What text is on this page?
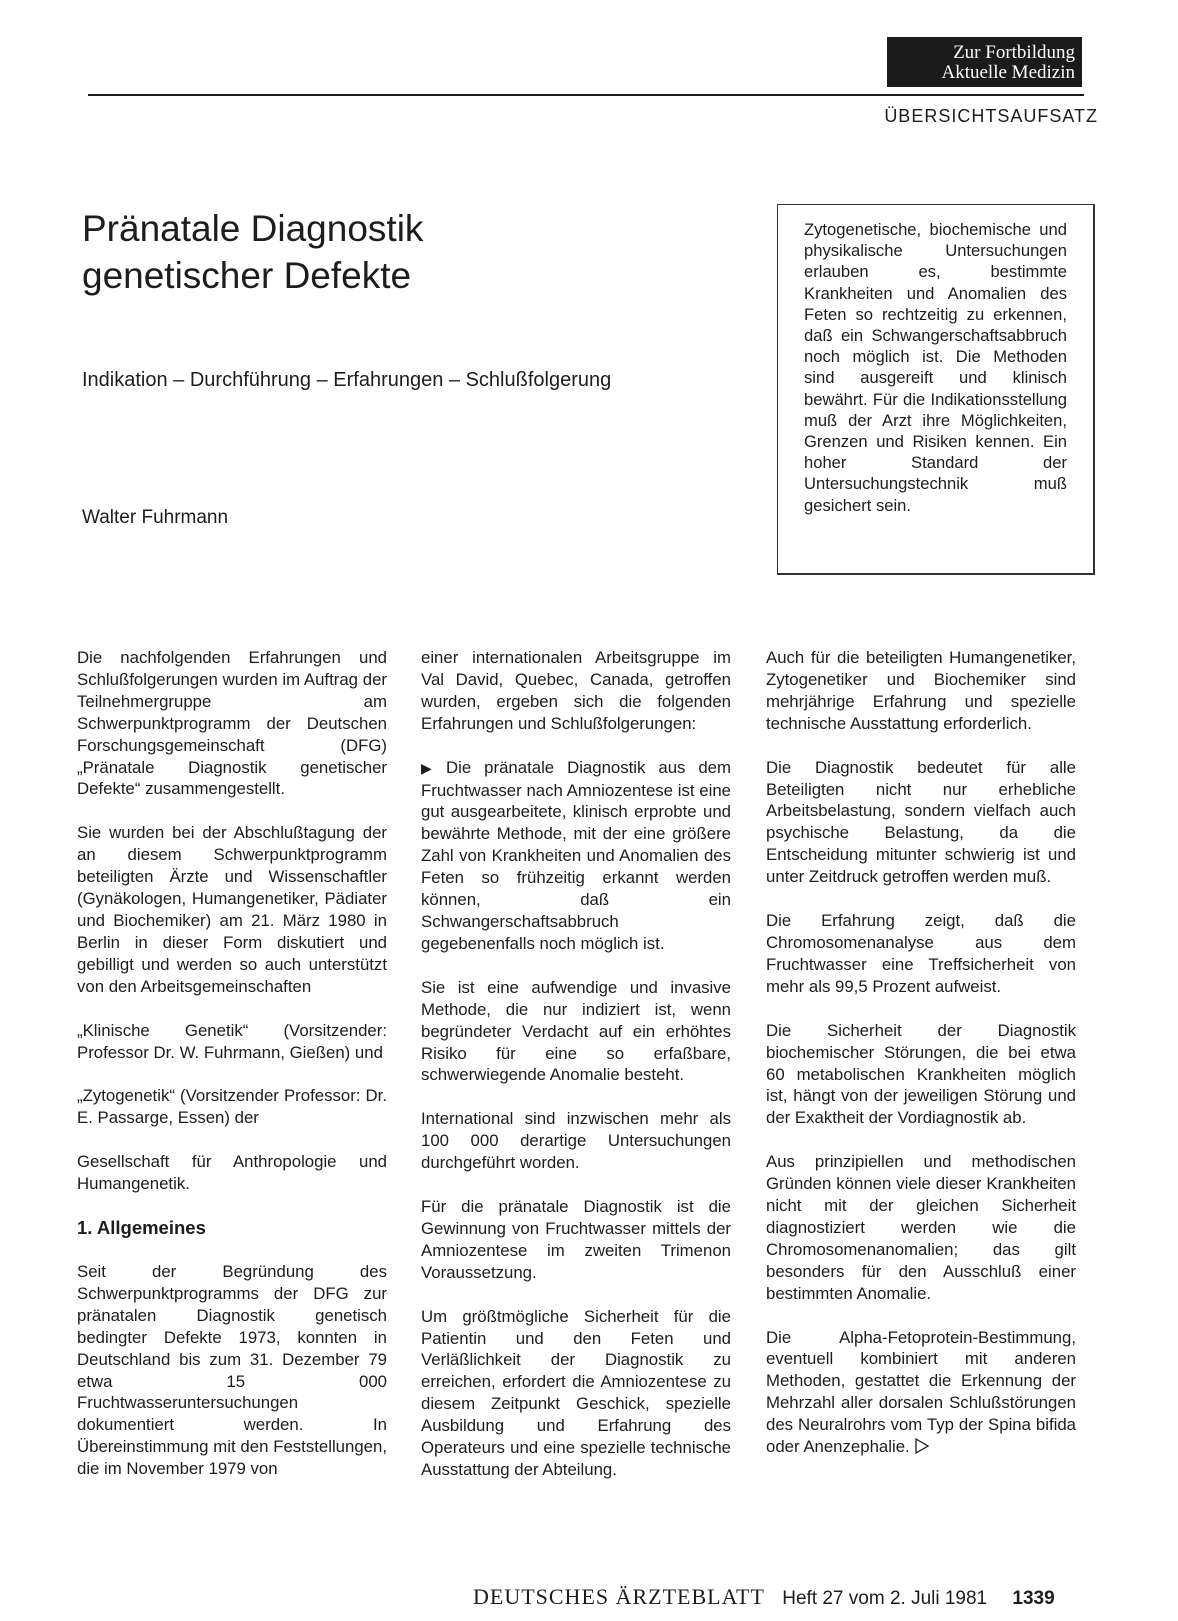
Zur Fortbildung
Aktuelle Medizin
ÜBERSICHTSAUFSATZ
Pränatale Diagnostik
genetischer Defekte
Indikation – Durchführung – Erfahrungen – Schlußfolgerung
Walter Fuhrmann
Zytogenetische, biochemische und physikalische Untersuchungen erlauben es, bestimmte Krankheiten und Anomalien des Feten so rechtzeitig zu erkennen, daß ein Schwangerschaftsabbruch noch möglich ist. Die Methoden sind ausgereift und klinisch bewährt. Für die Indikationsstellung muß der Arzt ihre Möglichkeiten, Grenzen und Risiken kennen. Ein hoher Standard der Untersuchungstechnik muß gesichert sein.

Die nachfolgenden Erfahrungen und Schlußfolgerungen wurden im Auftrag der Teilnehmergruppe am Schwerpunktprogramm der Deutschen Forschungsgemeinschaft (DFG) „Pränatale Diagnostik genetischer Defekte“ zusammengestellt.

Sie wurden bei der Abschlußtagung der an diesem Schwerpunktprogramm beteiligten Ärzte und Wissenschaftler (Gynäkologen, Humangenetiker, Pädiater und Biochemiker) am 21. März 1980 in Berlin in dieser Form diskutiert und gebilligt und werden so auch unterstützt von den Arbeitsgemeinschaften

„Klinische Genetik“ (Vorsitzender: Professor Dr. W. Fuhrmann, Gießen) und

„Zytogenetik“ (Vorsitzender Professor: Dr. E. Passarge, Essen) der

Gesellschaft für Anthropologie und Humangenetik.

1. Allgemeines

Seit der Begründung des Schwerpunktprogramms der DFG zur pränatalen Diagnostik genetisch bedingter Defekte 1973, konnten in Deutschland bis zum 31. Dezember 79 etwa 15 000 Fruchtwasseruntersuchungen dokumentiert werden. In Übereinstimmung mit den Feststellungen, die im November 1979 von

einer internationalen Arbeitsgruppe im Val David, Quebec, Canada, getroffen wurden, ergeben sich die folgenden Erfahrungen und Schlußfolgerungen:

▶ Die pränatale Diagnostik aus dem Fruchtwasser nach Amniozentese ist eine gut ausgearbeitete, klinisch erprobte und bewährte Methode, mit der eine größere Zahl von Krankheiten und Anomalien des Feten so frühzeitig erkannt werden können, daß ein Schwangerschaftsabbruch gegebenenfalls noch möglich ist.

Sie ist eine aufwendige und invasive Methode, die nur indiziert ist, wenn begründeter Verdacht auf ein erhöhtes Risiko für eine so erfaßbare, schwerwiegende Anomalie besteht.

International sind inzwischen mehr als 100 000 derartige Untersuchungen durchgeführt worden.

Für die pränatale Diagnostik ist die Gewinnung von Fruchtwasser mittels der Amniozentese im zweiten Trimenon Voraussetzung.

Um größtmögliche Sicherheit für die Patientin und den Feten und Verläßlichkeit der Diagnostik zu erreichen, erfordert die Amniozentese zu diesem Zeitpunkt Geschick, spezielle Ausbildung und Erfahrung des Operateurs und eine spezielle technische Ausstattung der Abteilung.

Auch für die beteiligten Humangenetiker, Zytogenetiker und Biochemiker sind mehrjährige Erfahrung und spezielle technische Ausstattung erforderlich.

Die Diagnostik bedeutet für alle Beteiligten nicht nur erhebliche Arbeitsbelastung, sondern vielfach auch psychische Belastung, da die Entscheidung mitunter schwierig ist und unter Zeitdruck getroffen werden muß.

Die Erfahrung zeigt, daß die Chromosomenanalyse aus dem Fruchtwasser eine Treffsicherheit von mehr als 99,5 Prozent aufweist.

Die Sicherheit der Diagnostik biochemischer Störungen, die bei etwa 60 metabolischen Krankheiten möglich ist, hängt von der jeweiligen Störung und der Exaktheit der Vordiagnostik ab.

Aus prinzipiellen und methodischen Gründen können viele dieser Krankheiten nicht mit der gleichen Sicherheit diagnostiziert werden wie die Chromosomenanomalien; das gilt besonders für den Ausschluß einer bestimmten Anomalie.

Die Alpha-Fetoprotein-Bestimmung, eventuell kombiniert mit anderen Methoden, gestattet die Erkennung der Mehrzahl aller dorsalen Schlußstörungen des Neuralrohrs vom Typ der Spina bifida oder Anenzephalie.

DEUTSCHES ÄRZTEBLATT Heft 27 vom 2. Juli 1981 1339
